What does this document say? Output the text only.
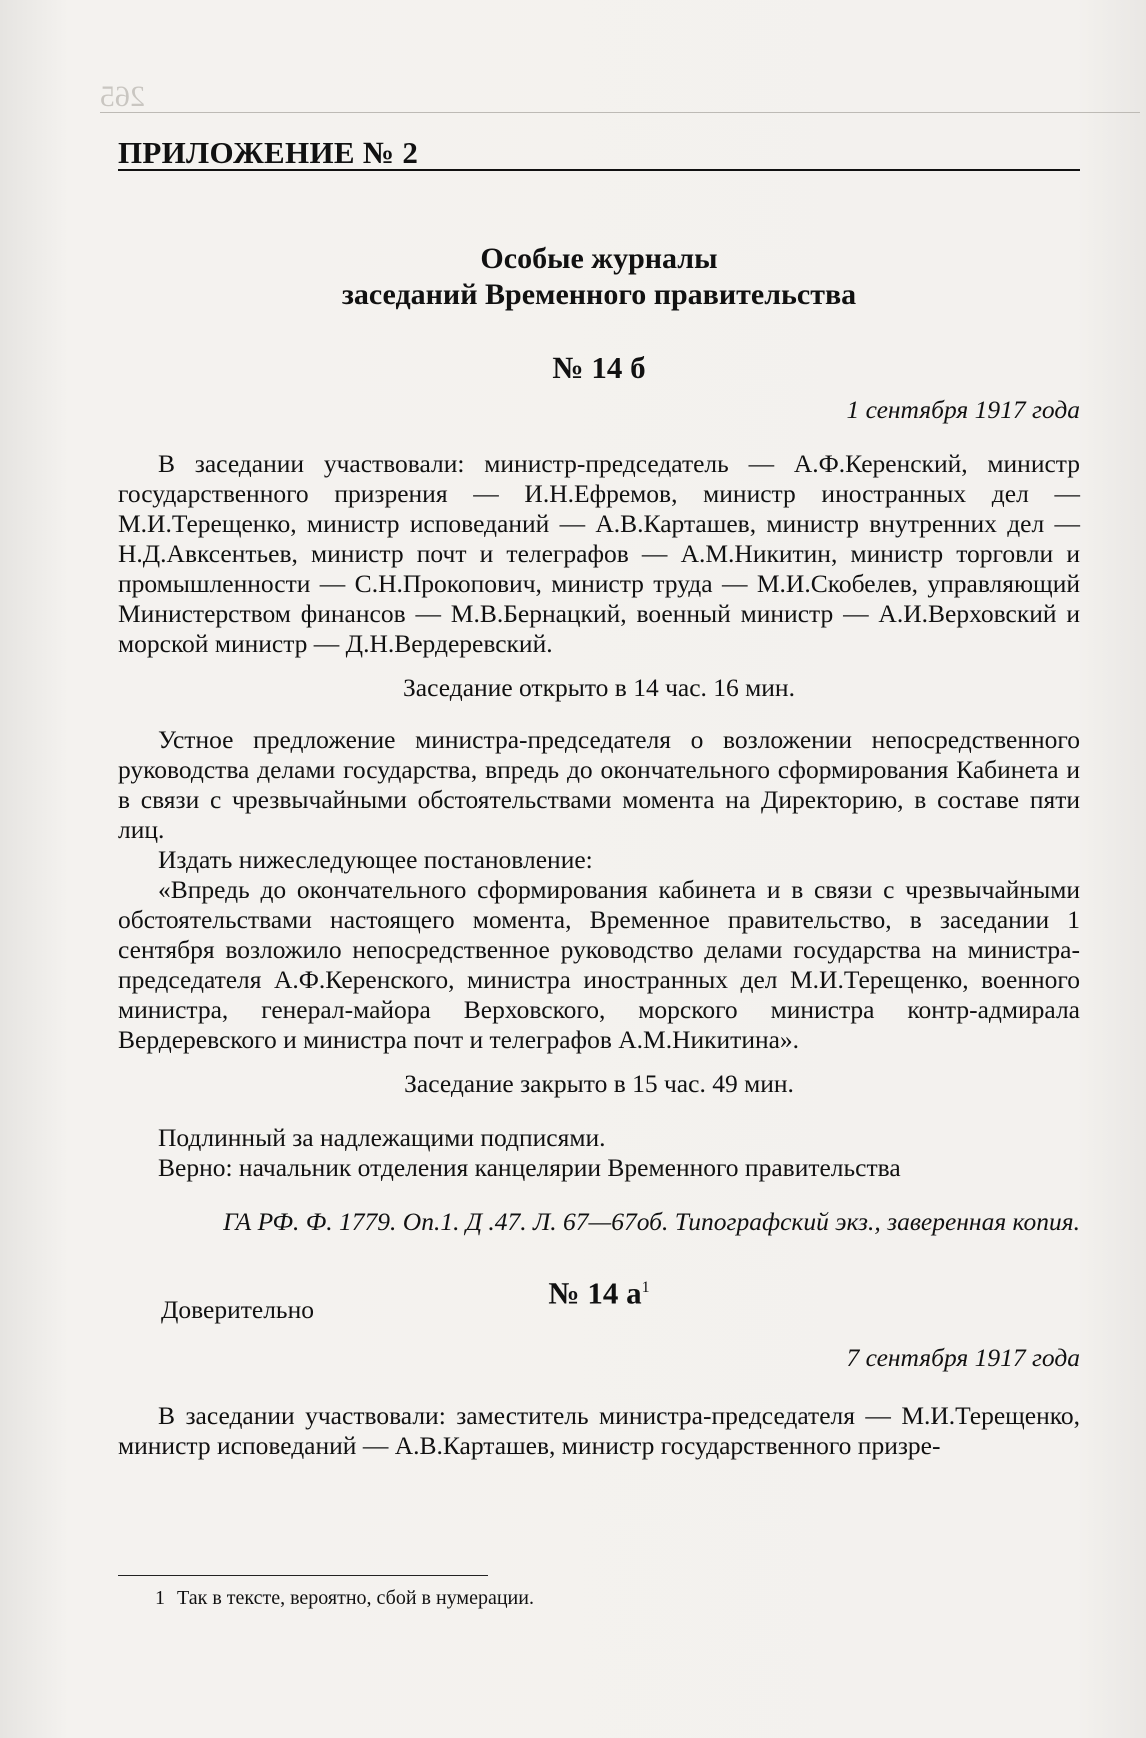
265
ПРИЛОЖЕНИЕ № 2
Особые журналы
заседаний Временного правительства
№ 14 б
1 сентября 1917 года

В заседании участвовали: министр-председатель — А.Ф.Керенский, министр государственного призрения — И.Н.Ефремов, министр иностранных дел — М.И.Терещенко, министр исповеданий — А.В.Карташев, министр внутренних дел — Н.Д.Авксентьев, министр почт и телеграфов — А.М.Никитин, министр торговли и промышленности — С.Н.Прокопович, министр труда — М.И.Скобелев, управляющий Министерством финансов — М.В.Бернацкий, военный министр — А.И.Верховский и морской министр — Д.Н.Вердеревский.

Заседание открыто в 14 час. 16 мин.

Устное предложение министра-председателя о возложении непосредственного руководства делами государства, впредь до окончательного сформирования Кабинета и в связи с чрезвычайными обстоятельствами момента на Директорию, в составе пяти лиц.

Издать нижеследующее постановление:

«Впредь до окончательного сформирования кабинета и в связи с чрезвычайными обстоятельствами настоящего момента, Временное правительство, в заседании 1 сентября возложило непосредственное руководство делами государства на министра-председателя А.Ф.Керенского, министра иностранных дел М.И.Терещенко, военного министра, генерал-майора Верховского, морского министра контр-адмирала Вердеревского и министра почт и телеграфов А.М.Никитина».

Заседание закрыто в 15 час. 49 мин.

Подлинный за надлежащими подписями.

Верно: начальник отделения канцелярии Временного правительства

ГА РФ. Ф. 1779. Оп.1. Д .47. Л. 67—67об. Типографский экз., заверенная копия.

№ 14 $а^1$
Доверительно
7 сентября 1917 года

В заседании участвовали: заместитель министра-председателя — М.И.Терещенко, министр исповеданий — А.В.Карташев, министр государственного призре-

1 Так в тексте, вероятно, сбой в нумерации.
